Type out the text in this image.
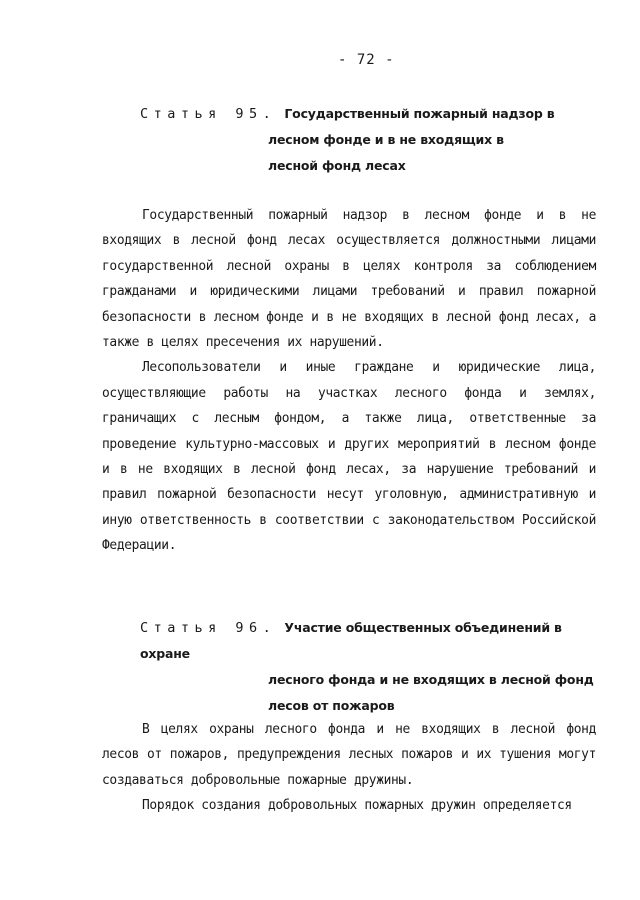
- 72 -
Статья 95. Государственный пожарный надзор в
лесном фонде и в не входящих в
лесной фонд лесах

Государственный пожарный надзор в лесном фонде и в не входящих в лесной фонд лесах осуществляется должностными лицами государственной лесной охраны в целях контроля за соблюдением гражданами и юридическими лицами требований и правил пожарной безопасности в лесном фонде и в не входящих в лесной фонд лесах, а также в целях пресечения их нарушений.

Лесопользователи и иные граждане и юридические лица, осуществляющие работы на участках лесного фонда и землях, граничащих с лесным фондом, а также лица, ответственные за проведение культурно-массовых и других мероприятий в лесном фонде и в не входящих в лесной фонд лесах, за нарушение требований и правил пожарной безопасности несут уголовную, административную и иную ответственность в соответствии с законодательством Российской Федерации.

Статья 96. Участие общественных объединений в охране
лесного фонда и не входящих в лесной фонд
лесов от пожаров

В целях охраны лесного фонда и не входящих в лесной фонд лесов от пожаров, предупреждения лесных пожаров и их тушения могут создаваться добровольные пожарные дружины.

Порядок создания добровольных пожарных дружин определяется
